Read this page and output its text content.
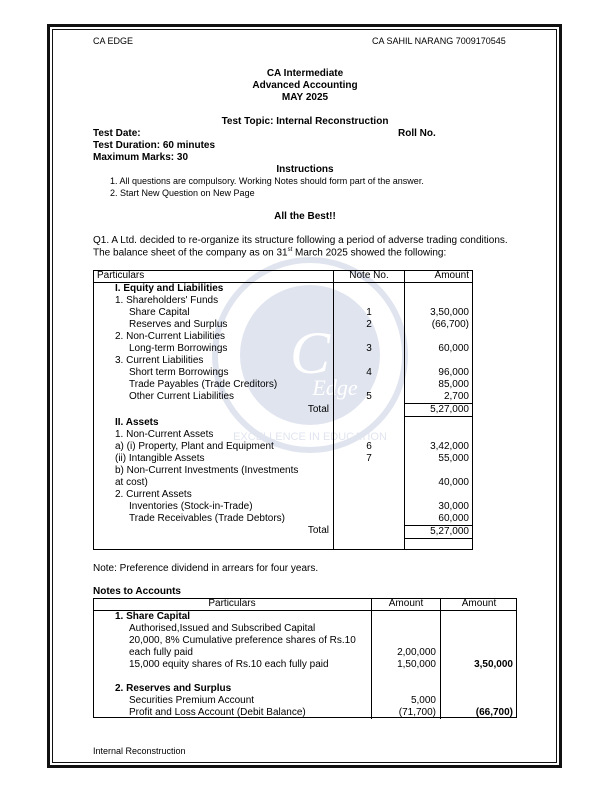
C
Edge
EXCELLENCE IN EDUCATION
CA EDGE	CA SAHIL NARANG 7009170545
CA Intermediate
Advanced Accounting
MAY 2025
Test Topic: Internal Reconstruction
Test Date:	Roll No.
Test Duration: 60 minutes
Maximum Marks: 30
Instructions
1. All questions are compulsory. Working Notes should form part of the answer.
2. Start New Question on New Page
All the Best!!
Q1. A Ltd. decided to re-organize its structure following a period of adverse trading conditions.
The balance sheet of the company as on 31st March 2025 showed the following:
Particulars	Note No.	Amount
I. Equity and Liabilities		
1. Shareholders' Funds		
Share Capital	1	3,50,000
Reserves and Surplus	2	(66,700)
2. Non-Current Liabilities		
Long-term Borrowings	3	60,000
3. Current Liabilities		
Short term Borrowings	4	96,000
Trade Payables (Trade Creditors)		85,000
Other Current Liabilities	5	2,700
Total		5,27,000
II. Assets		
1. Non-Current Assets		
a) (i) Property, Plant and Equipment	6	3,42,000
(ii) Intangible Assets	7	55,000
b) Non-Current Investments (Investments		
at cost)		40,000
2. Current Assets		
Inventories (Stock-in-Trade)		30,000
Trade Receivables (Trade Debtors)		60,000
Total		5,27,000

Note: Preference dividend in arrears for four years.
Notes to Accounts
Particulars	Amount	Amount
1. Share Capital		
Authorised,Issued and Subscribed Capital		
20,000, 8% Cumulative preference shares of Rs.10		
each fully paid	2,00,000	
15,000 equity shares of Rs.10 each fully paid	1,50,000	3,50,000

2. Reserves and Surplus		
Securities Premium Account	5,000	
Profit and Loss Account (Debit Balance)	(71,700)	(66,700)
Internal Reconstruction
